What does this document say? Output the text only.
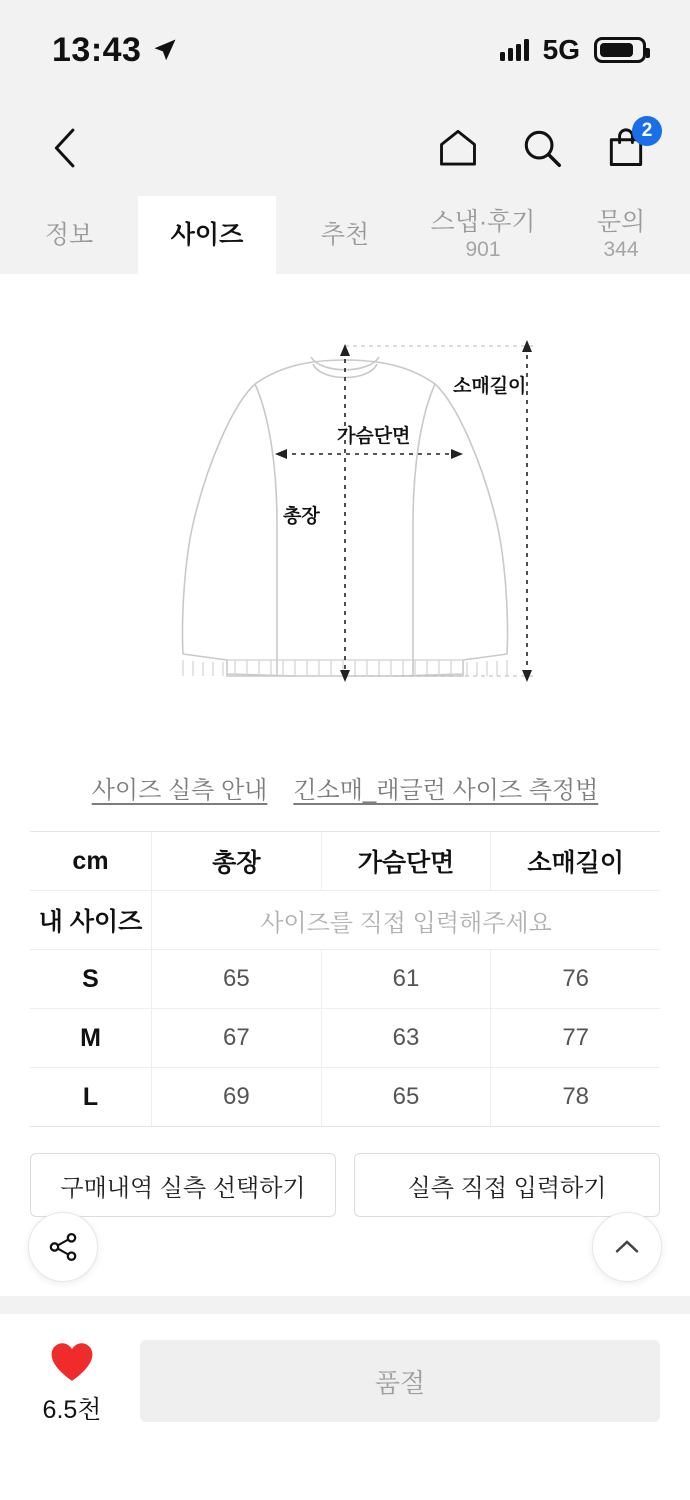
13:43	5G
2
정보	사이즈	추천 스냅·후기
901
문의
344
소매길이
가슴단면
총장
사이즈 실측 안내 긴소매_래글런 사이즈 측정법
cm	총장	가슴단면	소매길이
내 사이즈	사이즈를 직접 입력해주세요
S	65	61	76
M	67	63	77
L	69	65	78
구매내역 실측 선택하기	실측 직접 입력하기
6.5천
품절
